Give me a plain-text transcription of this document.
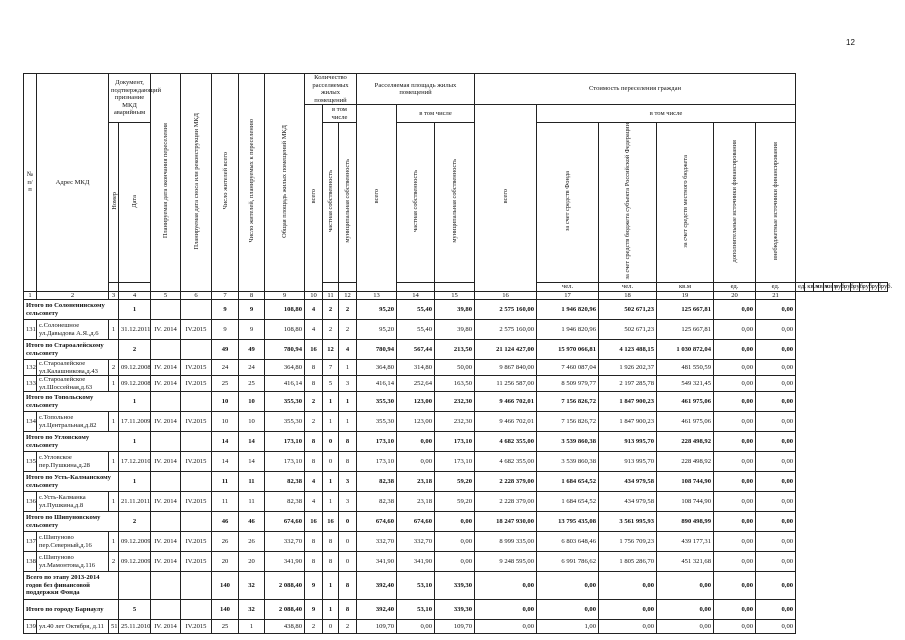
12
№ п/п	Адрес МКД	Документ, подтверждающий признание МКД аварийным		Планируемая дата окончания переселения	Планируемая дата сноса или реконструкции МКД	Число жителей всего	Число жителей, планируемых к переселению	Общая площадь жилых помещений МКД	Количество расселяемых жилых помещений			Расселяемая площадь жилых помещений			Стоимость переселения граждан															
									всего	в том числе		всего	в том числе		всего	в том числе														
		Номер	Дата							частная собственность	муниципальная собственность		частная собственность	муниципальная собственность		за счет средств Фонда	за счет средств бюджета субъекта Российской Федерации	за счет средств местного бюджета	дополнительные источники финансирования	внебюджетные источники финансирования										
																чел.	чел.	кв.м	ед.	ед.	ед.	кв.м	кв.м	кв.м	руб.	руб.	руб.	руб.	руб.	руб.
1	2	3	4	5	6	7	8	9	10	11	12	13	14	15	16	17	18	19	20	21										
Итого по Солоненинскому сельсовету			1			9	9	108,80	4	2	2	95,20	55,40	39,80	2 575 160,00	1 946 820,96	502 671,23	125 667,81	0,00	0,00										
131	с.Солонешное ул.Давыдова А.Я.,д.6	1	31.12.2011	IV. 2014	IV.2015	9	9	108,80	4	2	2	95,20	55,40	39,80	2 575 160,00	1 946 820,96	502 671,23	125 667,81	0,00	0,00										
Итого по Староалейскому сельсовету			2			49	49	780,94	16	12	4	780,94	567,44	213,50	21 124 427,00	15 970 066,81	4 123 488,15	1 030 872,04	0,00	0,00										
132	с.Староалейское ул.Калашникова,д.43	2	09.12.2008	IV. 2014	IV.2015	24	24	364,80	8	7	1	364,80	314,80	50,00	9 867 840,00	7 460 087,04	1 926 202,37	481 550,59	0,00	0,00										
133	с.Староалейское ул.Шоссейная,д.63	1	09.12.2008	IV. 2014	IV.2015	25	25	416,14	8	5	3	416,14	252,64	163,50	11 256 587,00	8 509 979,77	2 197 285,78	549 321,45	0,00	0,00										
Итого по Топольскому сельсовету			1			10	10	355,30	2	1	1	355,30	123,00	232,30	9 466 702,01	7 156 826,72	1 847 900,23	461 975,06	0,00	0,00										
134	с.Топольное ул.Центральная,д.82	1	17.11.2009	IV. 2014	IV.2015	10	10	355,30	2	1	1	355,30	123,00	232,30	9 466 702,01	7 156 826,72	1 847 900,23	461 975,06	0,00	0,00										
Итого по Угловскому сельсовету			1			14	14	173,10	8	0	8	173,10	0,00	173,10	4 682 355,00	3 539 860,38	913 995,70	228 498,92	0,00	0,00										
135	с.Угловское пер.Пушкина,д.28	1	17.12.2010	IV. 2014	IV.2015	14	14	173,10	8	0	8	173,10	0,00	173,10	4 682 355,00	3 539 860,38	913 995,70	228 498,92	0,00	0,00										
Итого по Усть-Калманскому сельсовету			1			11	11	82,38	4	1	3	82,38	23,18	59,20	2 228 379,00	1 684 654,52	434 979,58	108 744,90	0,00	0,00										
136	с.Усть-Калманка ул.Пушкина,д.8	1	21.11.2011	IV. 2014	IV.2015	11	11	82,38	4	1	3	82,38	23,18	59,20	2 228 379,00	1 684 654,52	434 979,58	108 744,90	0,00	0,00										
Итого по Шипуновскому сельсовету			2			46	46	674,60	16	16	0	674,60	674,60	0,00	18 247 930,00	13 795 435,08	3 561 995,93	890 498,99	0,00	0,00										
137	с.Шипуново пер.Северный,д.16	1	09.12.2009	IV. 2014	IV.2015	26	26	332,70	8	8	0	332,70	332,70	0,00	8 999 335,00	6 803 648,46	1 756 709,23	439 177,31	0,00	0,00										
138	с.Шипуново ул.Мамонтова,д.116	2	09.12.2009	IV. 2014	IV.2015	20	20	341,90	8	8	0	341,90	341,90	0,00	9 248 595,00	6 991 786,62	1 805 286,70	451 321,68	0,00	0,00										
Всего по этапу 2013-2014 годов без финансовой поддержки Фонда						140	32	2 088,40	9	1	8	392,40	53,10	339,30	0,00	0,00	0,00	0,00	0,00	0,00										
Итого по городу Барнаулу			5			140	32	2 088,40	9	1	8	392,40	53,10	339,30	0,00	0,00	0,00	0,00	0,00	0,00										
139	ул.40 лет Октября, д.11	51	25.11.2010	IV. 2014	IV.2015	25	1	438,80	2	0	2	109,70	0,00	109,70	0,00	1,00	0,00	0,00	0,00	0,00										
